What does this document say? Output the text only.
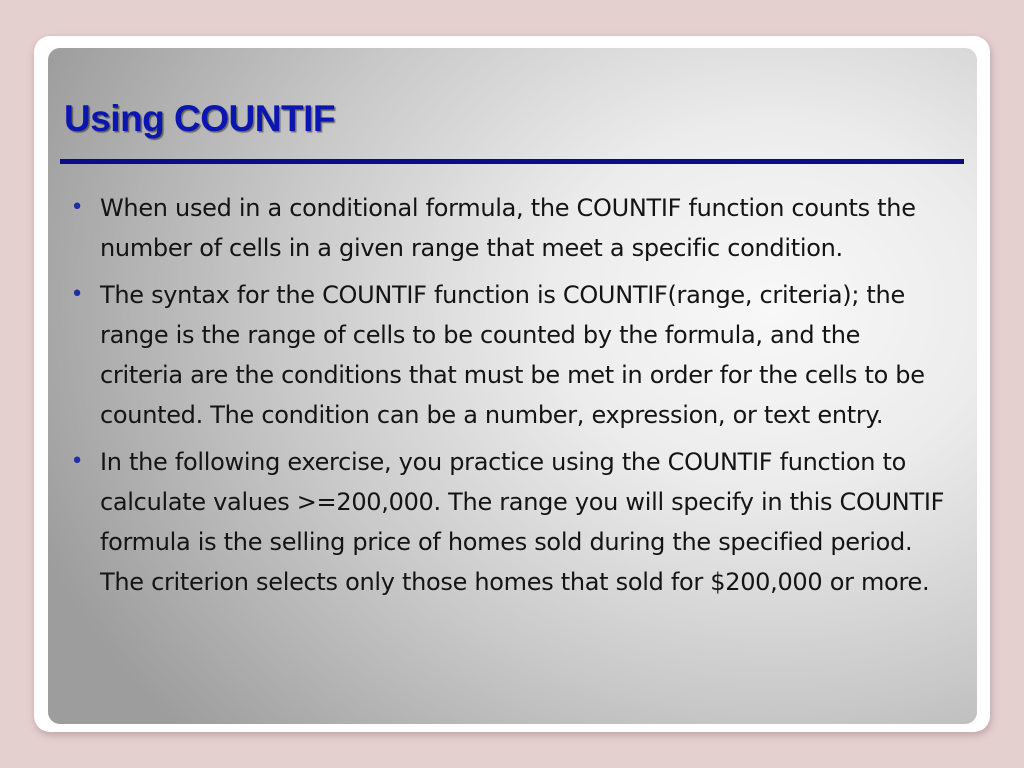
Using COUNTIF
• When used in a conditional formula, the COUNTIF function counts the number of cells in a given range that meet a specific condition.
• The syntax for the COUNTIF function is COUNTIF(range, criteria); the range is the range of cells to be counted by the formula, and the criteria are the conditions that must be met in order for the cells to be counted. The condition can be a number, expression, or text entry.
• In the following exercise, you practice using the COUNTIF function to calculate values >=200,000. The range you will specify in this COUNTIF formula is the selling price of homes sold during the specified period. The criterion selects only those homes that sold for $200,000 or more.
